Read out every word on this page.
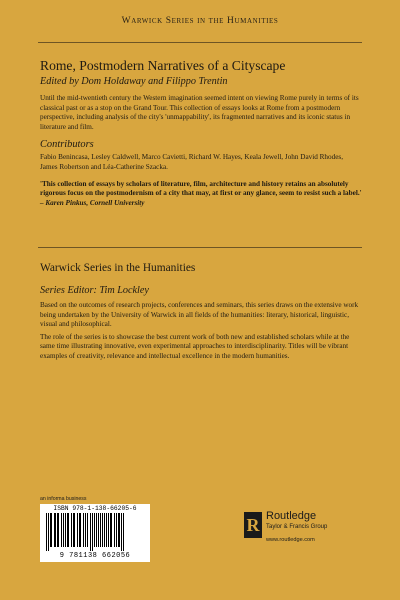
Warwick Series in the Humanities
Rome, Postmodern Narratives of a Cityscape
Edited by Dom Holdaway and Filippo Trentin

Until the mid-twentieth century the Western imagination seemed intent on viewing Rome purely in terms of its classical past or as a stop on the Grand Tour. This collection of essays looks at Rome from a postmodern perspective, including analysis of the city's 'unmappability', its fragmented narratives and its iconic status in literature and film.

Contributors

Fabio Benincasa, Lesley Caldwell, Marco Cavietti, Richard W. Hayes, Keala Jewell, John David Rhodes, James Robertson and Léa-Catherine Szacka.

'This collection of essays by scholars of literature, film, architecture and history retains an absolutely rigorous focus on the postmodernism of a city that may, at first or any glance, seem to resist such a label.'
– Karen Pinkus, Cornell University
Warwick Series in the Humanities
Series Editor: Tim Lockley

Based on the outcomes of research projects, conferences and seminars, this series draws on the extensive work being undertaken by the University of Warwick in all fields of the humanities: literary, historical, linguistic, visual and philosophical.

The role of the series is to showcase the best current work of both new and established scholars while at the same time illustrating innovative, even experimental approaches to interdisciplinarity. Titles will be vibrant examples of creativity, relevance and intellectual excellence in the modern humanities.

an informa business
ISBN 978-1-138-66205-6
9 781138 662056
R Routledge
Taylor & Francis Group
www.routledge.com
